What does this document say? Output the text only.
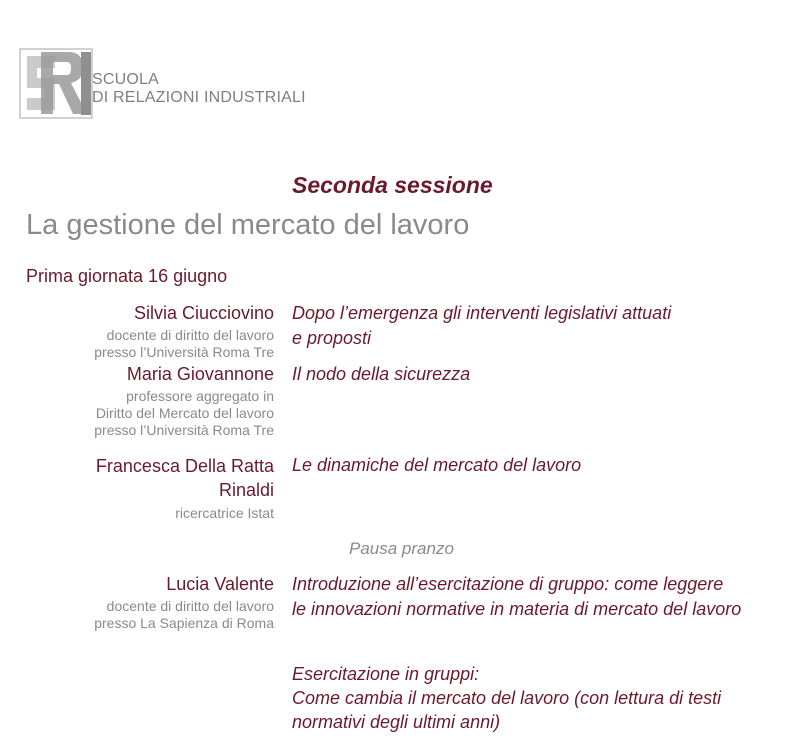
SCUOLA
DI RELAZIONI INDUSTRIALI
Seconda sessione
La gestione del mercato del lavoro
Prima giornata 16 giugno
Silvia Ciucciovino
docente di diritto del lavoro
presso l’Università Roma Tre
Dopo l’emergenza gli interventi legislativi attuati
e proposti
Maria Giovannone
professore aggregato in
Diritto del Mercato del lavoro
presso l’Università Roma Tre
Il nodo della sicurezza
Francesca Della Ratta
Rinaldi
ricercatrice Istat
Le dinamiche del mercato del lavoro
Pausa pranzo
Lucia Valente
docente di diritto del lavoro
presso La Sapienza di Roma
Introduzione all’esercitazione di gruppo: come leggere
le innovazioni normative in materia di mercato del lavoro
Esercitazione in gruppi:
Come cambia il mercato del lavoro (con lettura di testi
normativi degli ultimi anni)
